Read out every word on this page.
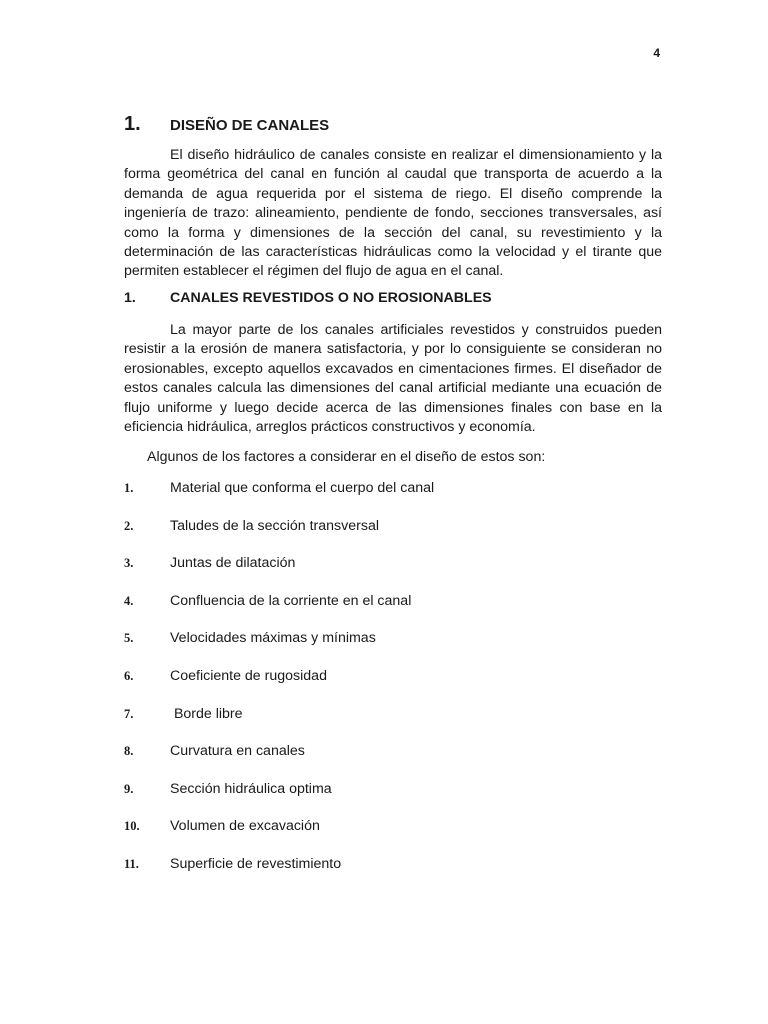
4
1.	DISEÑO DE CANALES

El diseño hidráulico de canales consiste en realizar el dimensionamiento y la forma geométrica del canal en función al caudal que transporta de acuerdo a la demanda de agua requerida por el sistema de riego. El diseño comprende la ingeniería de trazo: alineamiento, pendiente de fondo, secciones transversales, así como la forma y dimensiones de la sección del canal, su revestimiento y la determinación de las características hidráulicas como la velocidad y el tirante que permiten establecer el régimen del flujo de agua en el canal.

1.	CANALES REVESTIDOS O NO EROSIONABLES

La mayor parte de los canales artificiales revestidos y construidos pueden resistir a la erosión de manera satisfactoria, y por lo consiguiente se consideran no erosionables, excepto aquellos excavados en cimentaciones firmes. El diseñador de estos canales calcula las dimensiones del canal artificial mediante una ecuación de flujo uniforme y luego decide acerca de las dimensiones finales con base en la eficiencia hidráulica, arreglos prácticos constructivos y economía.

Algunos de los factores a considerar en el diseño de estos son:

1.	Material que conforma el cuerpo del canal
2.	Taludes de la sección transversal
3.	Juntas de dilatación
4.	Confluencia de la corriente en el canal
5.	Velocidades máximas y mínimas
6.	Coeficiente de rugosidad
7.	Borde libre
8.	Curvatura en canales
9.	Sección hidráulica optima
10.	Volumen de excavación
11.	Superficie de revestimiento
